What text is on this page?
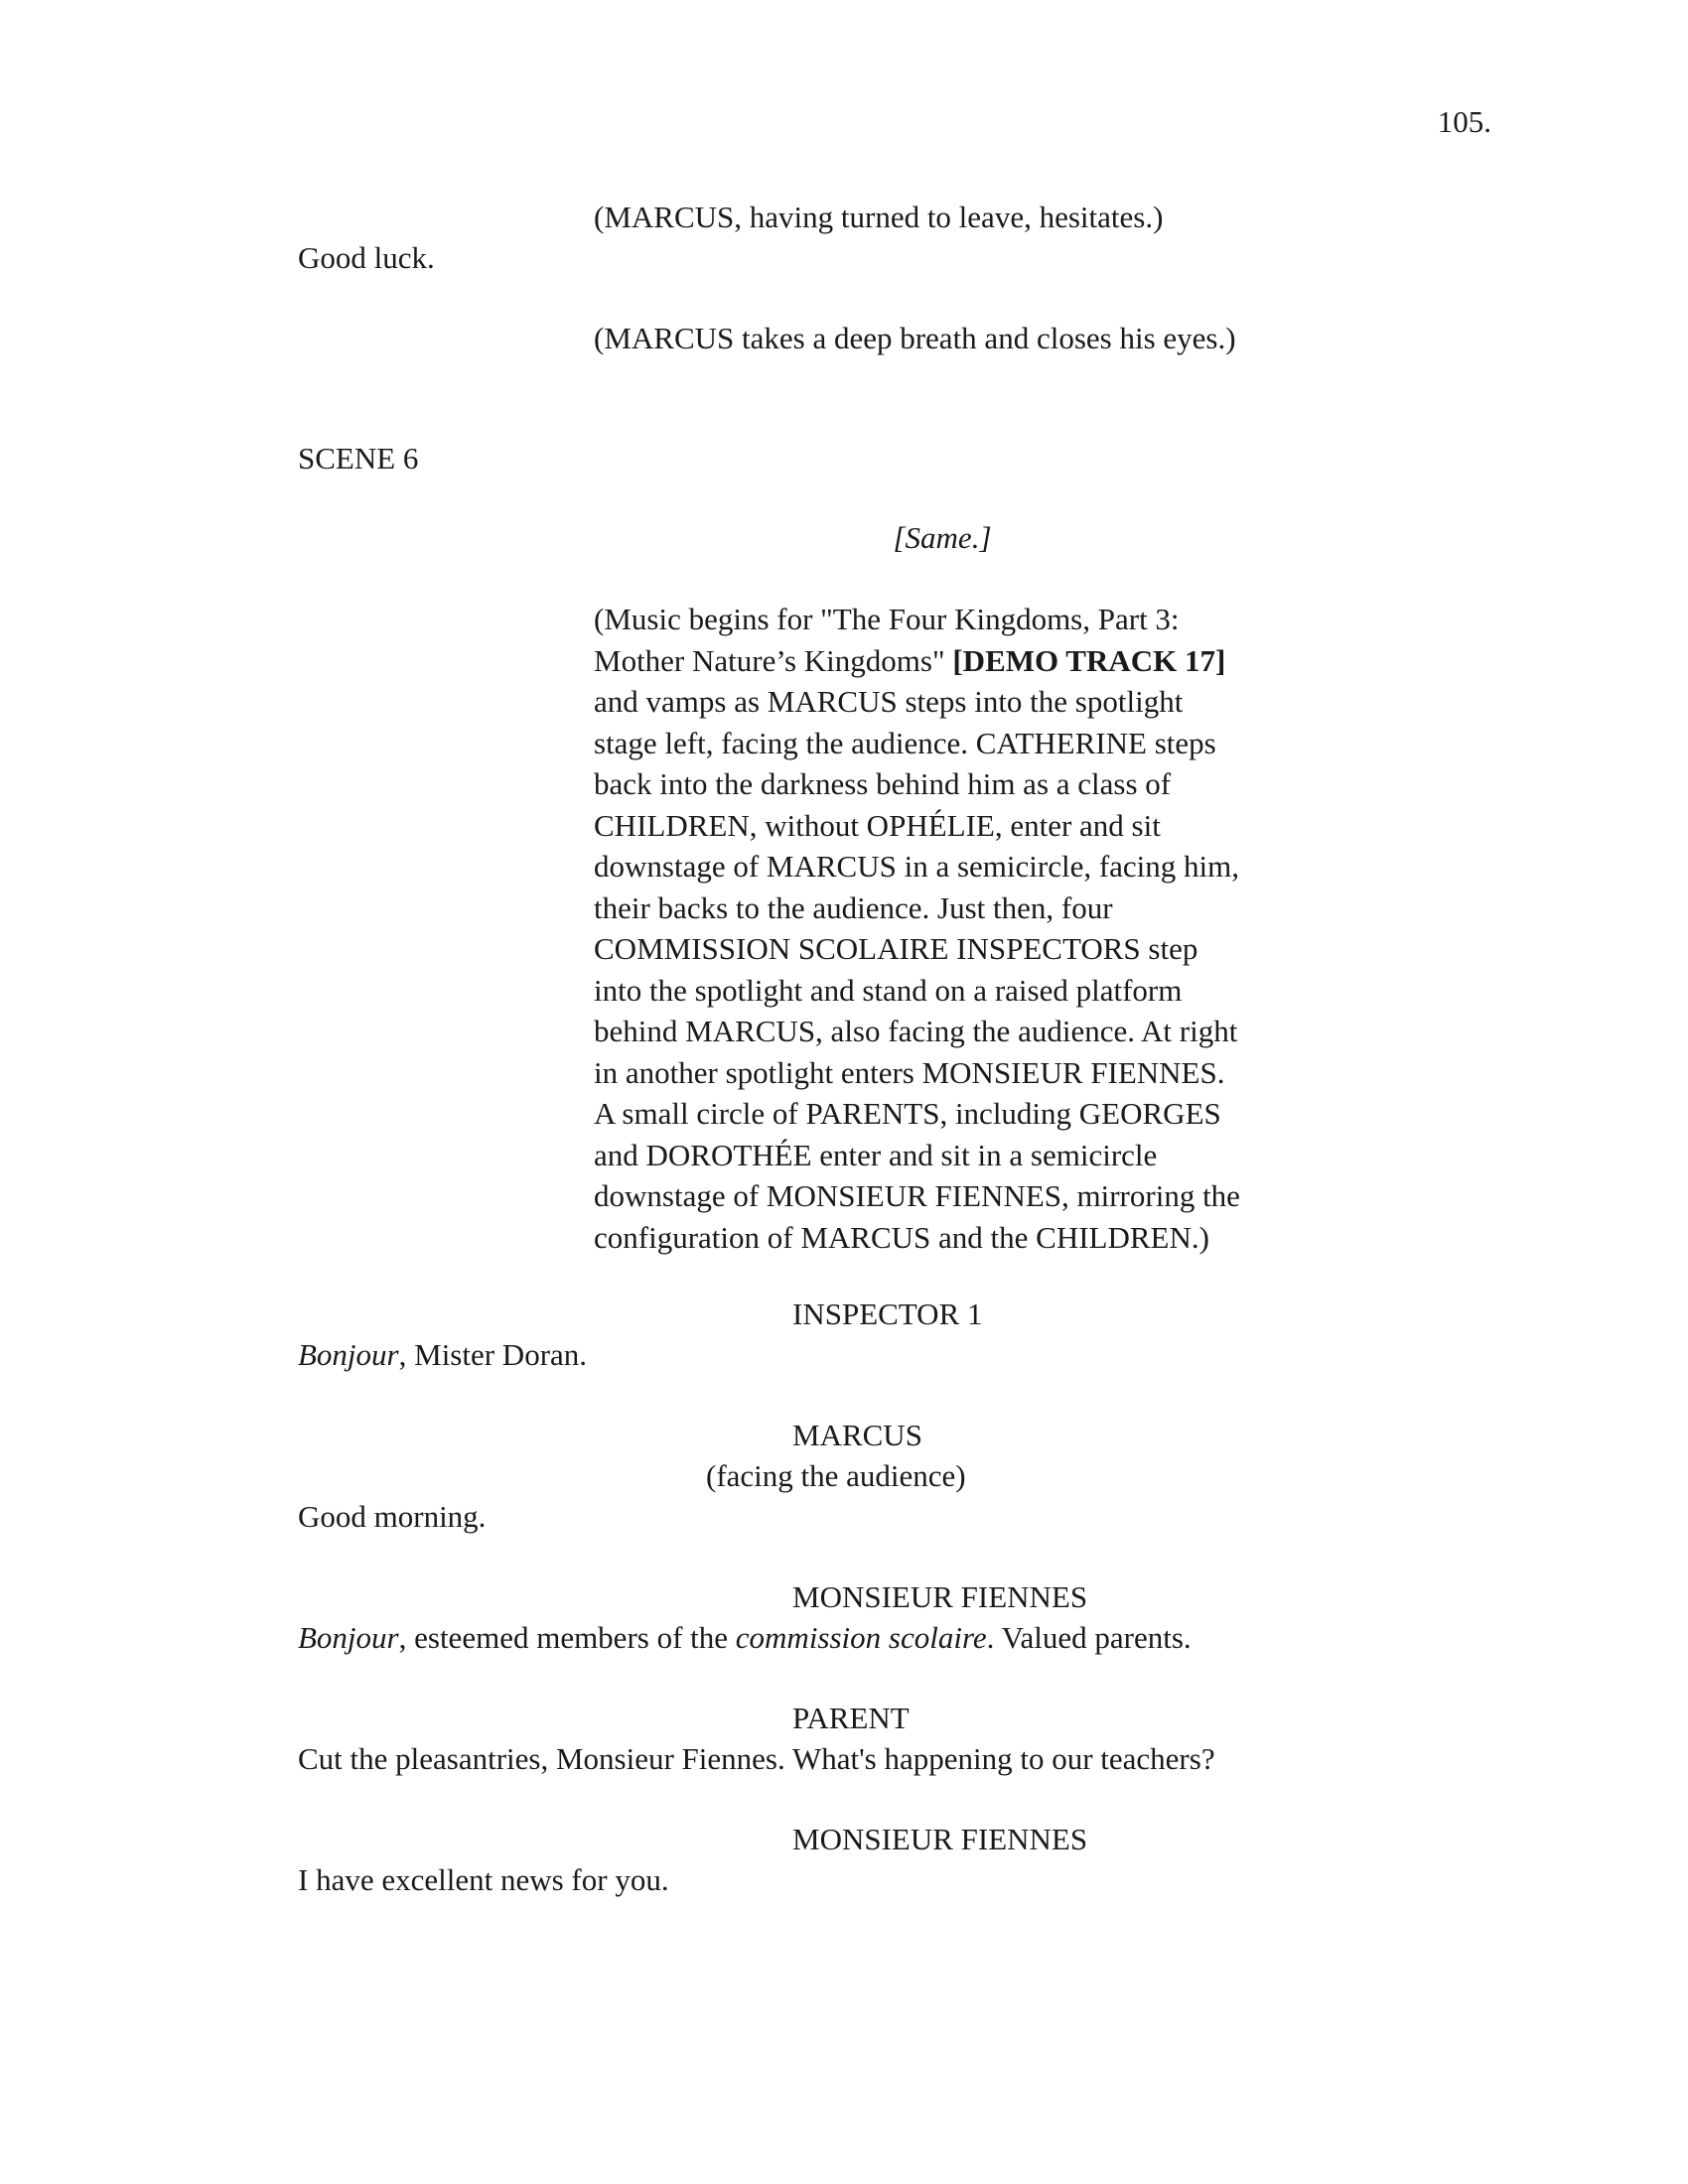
105.
(MARCUS, having turned to leave, hesitates.)
Good luck.
(MARCUS takes a deep breath and closes his eyes.)
SCENE 6
[Same.]
(Music begins for "The Four Kingdoms, Part 3:
Mother Nature’s Kingdoms" [DEMO TRACK 17]
and vamps as MARCUS steps into the spotlight
stage left, facing the audience. CATHERINE steps
back into the darkness behind him as a class of
CHILDREN, without OPHÉLIE, enter and sit
downstage of MARCUS in a semicircle, facing him,
their backs to the audience. Just then, four
COMMISSION SCOLAIRE INSPECTORS step
into the spotlight and stand on a raised platform
behind MARCUS, also facing the audience. At right
in another spotlight enters MONSIEUR FIENNES.
A small circle of PARENTS, including GEORGES
and DOROTHÉE enter and sit in a semicircle
downstage of MONSIEUR FIENNES, mirroring the
configuration of MARCUS and the CHILDREN.)
INSPECTOR 1
Bonjour, Mister Doran.
MARCUS
(facing the audience)
Good morning.
MONSIEUR FIENNES
Bonjour, esteemed members of the commission scolaire. Valued parents.
PARENT
Cut the pleasantries, Monsieur Fiennes. What's happening to our teachers?
MONSIEUR FIENNES
I have excellent news for you.
